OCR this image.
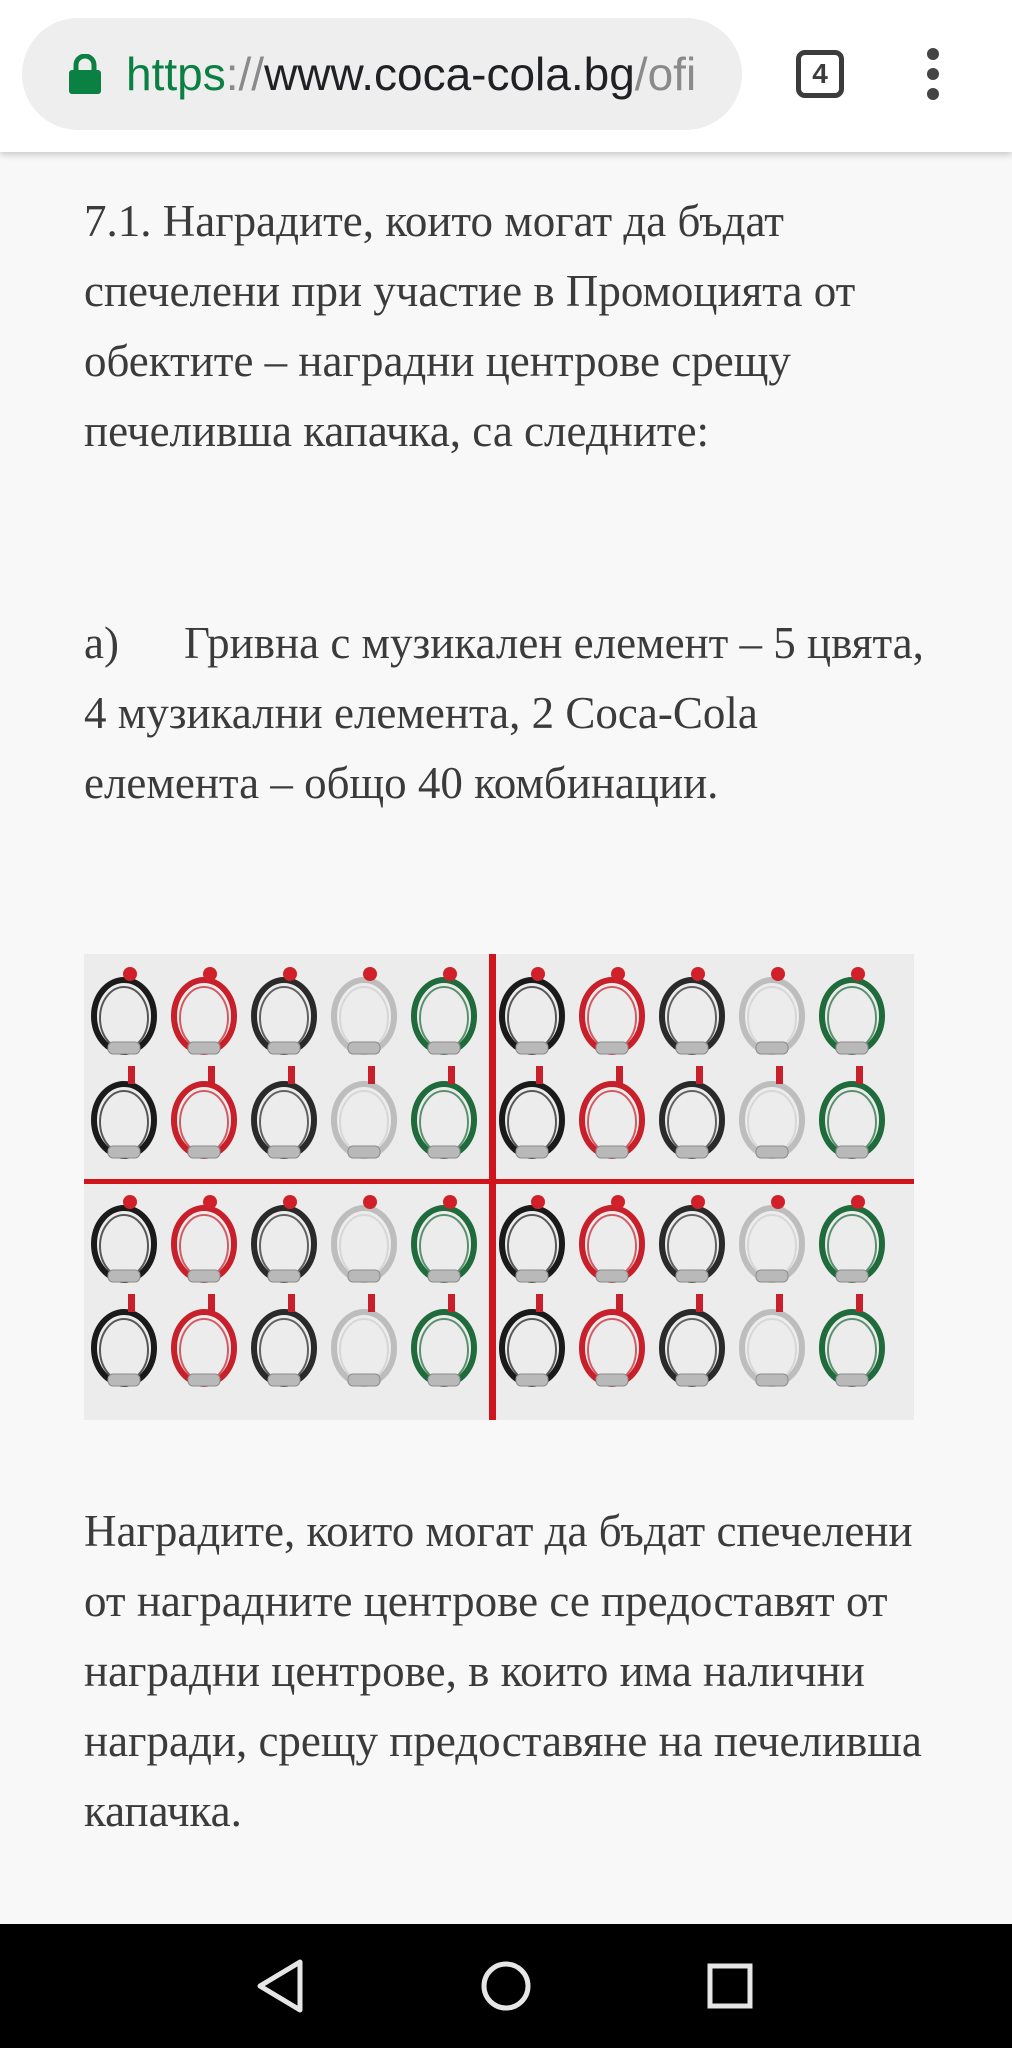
https://www.coca-cola.bg/ofi	4

7.1. Наградите, които могат да бъдат спечелени при участие в Промоцията от обектите – наградни центрове срещу печеливша капачка, са следните:

а) Гривна с музикален елемент – 5 цвята, 4 музикални елемента, 2 Coca-Cola елемента – общо 40 комбинации.

Наградите, които могат да бъдат спечелени от наградните центрове се предоставят от наградни центрове, в които има налични награди, срещу предоставяне на печеливша капачка.
